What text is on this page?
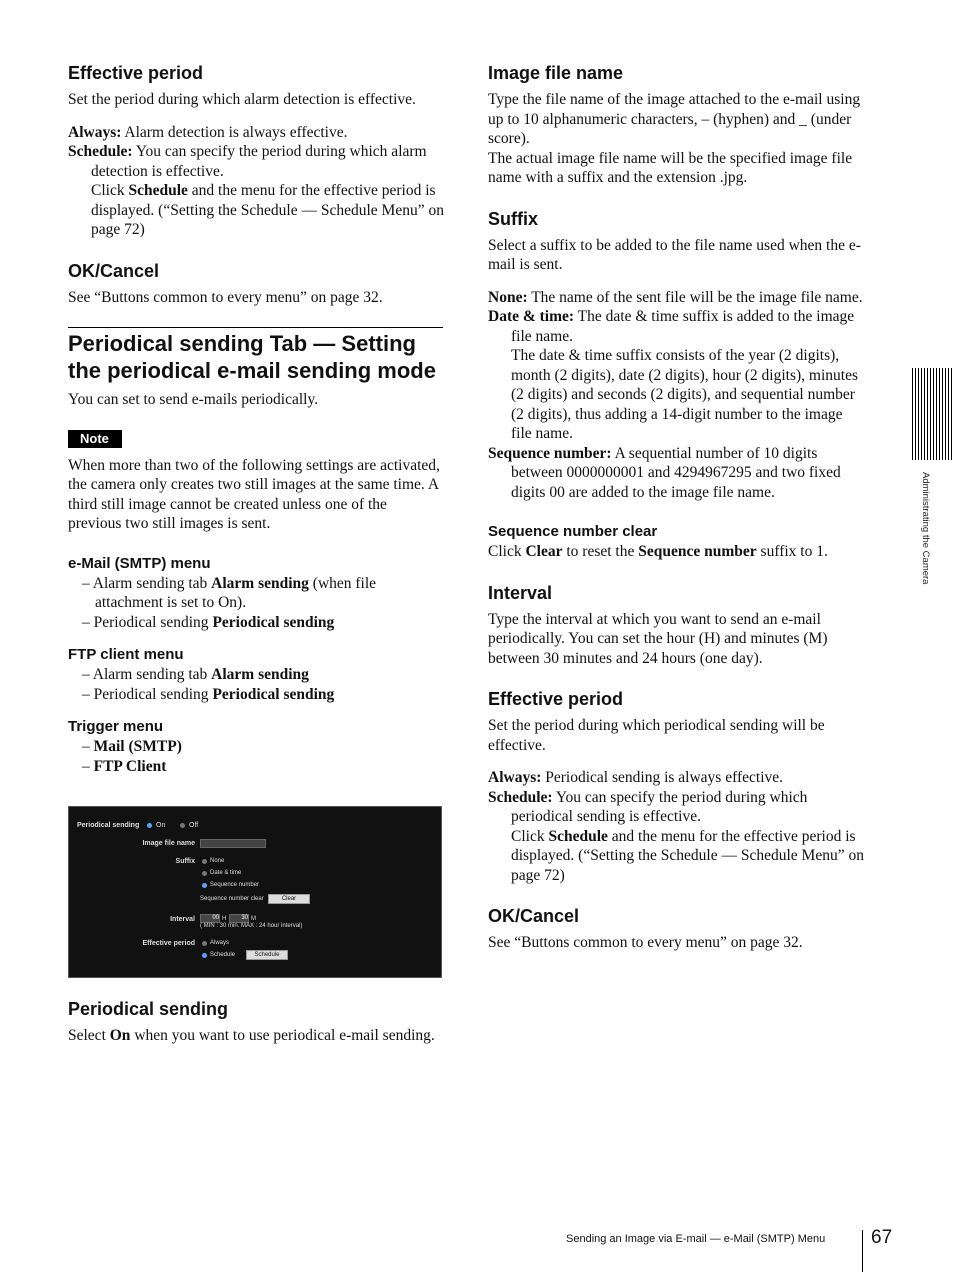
Effective period

Set the period during which alarm detection is effective.

Always: Alarm detection is always effective.

Schedule: You can specify the period during which alarm detection is effective.

Click Schedule and the menu for the effective period is displayed. (“Setting the Schedule — Schedule Menu” on page 72)

OK/Cancel

See “Buttons common to every menu” on page 32.

Periodical sending Tab — Setting the periodical e-mail sending mode

You can set to send e-mails periodically.

Note

When more than two of the following settings are activated, the camera only creates two still images at the same time. A third still image cannot be created unless one of the previous two still images is sent.

e-Mail (SMTP) menu

– Alarm sending tab Alarm sending (when file attachment is set to On).

– Periodical sending Periodical sending

FTP client menu

– Alarm sending tab Alarm sending

– Periodical sending Periodical sending

Trigger menu

– Mail (SMTP)

– FTP Client

Periodical sending On	Off
Image file name
Suffix	None
Date & time
Sequence number
Sequence number clear	Clear
Interval	00 H	30 M
( MIN : 30 min. MAX : 24 hour interval)
Effective period	Always
Schedule	Schedule
Periodical sending

Select On when you want to use periodical e-mail sending.

Image file name

Type the file name of the image attached to the e-mail using up to 10 alphanumeric characters, – (hyphen) and _ (under score).

The actual image file name will be the specified image file name with a suffix and the extension .jpg.

Suffix

Select a suffix to be added to the file name used when the e-mail is sent.

None: The name of the sent file will be the image file name.

Date & time: The date & time suffix is added to the image file name.

The date & time suffix consists of the year (2 digits), month (2 digits), date (2 digits), hour (2 digits), minutes (2 digits) and seconds (2 digits), and sequential number (2 digits), thus adding a 14-digit number to the image file name.

Sequence number: A sequential number of 10 digits between 0000000001 and 4294967295 and two fixed digits 00 are added to the image file name.

Sequence number clear

Click Clear to reset the Sequence number suffix to 1.

Interval

Type the interval at which you want to send an e-mail periodically. You can set the hour (H) and minutes (M) between 30 minutes and 24 hours (one day).

Effective period

Set the period during which periodical sending will be effective.

Always: Periodical sending is always effective.

Schedule: You can specify the period during which periodical sending is effective.

Click Schedule and the menu for the effective period is displayed. (“Setting the Schedule — Schedule Menu” on page 72)

OK/Cancel

See “Buttons common to every menu” on page 32.

Administrating the Camera
Sending an Image via E-mail — e-Mail (SMTP) Menu 67
